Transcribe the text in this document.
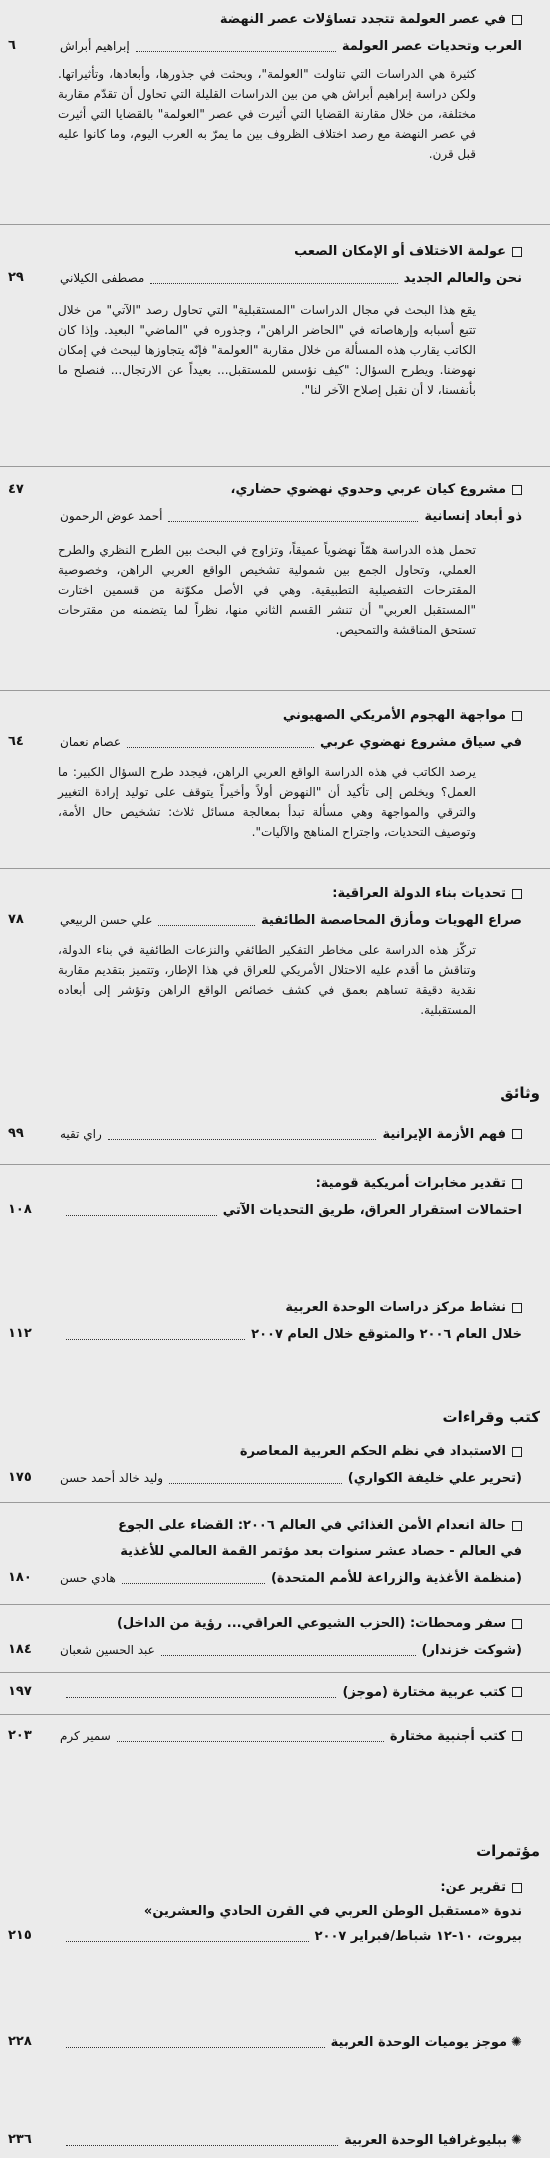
في عصر العولمة تتجدد تساؤلات عصر النهضة
العرب وتحديات عصر العولمة
إبراهيم أبراش
٦
كثيرة هي الدراسات التي تناولت "العولمة"، وبحثت في جذورها، وأبعادها، وتأثيراتها. ولكن دراسة إبراهيم أبراش هي من بين الدراسات القليلة التي تحاول أن تقدّم مقاربة مختلفة، من خلال مقارنة القضايا التي أثيرت في عصر "العولمة" بالقضايا التي أثيرت في عصر النهضة مع رصد اختلاف الظروف بين ما يمرّ به العرب اليوم، وما كانوا عليه قبل قرن.
عولمة الاختلاف أو الإمكان الصعب
نحن والعالم الجديد
مصطفى الكيلاني
٢٩
يقع هذا البحث في مجال الدراسات "المستقبلية" التي تحاول رصد "الآتي" من خلال تتبع أسبابه وإرهاصاته في "الحاضر الراهن"، وجذوره في "الماضي" البعيد. وإذا كان الكاتب يقارب هذه المسألة من خلال مقاربة "العولمة" فإنّه يتجاوزها ليبحث في إمكان نهوضنا. ويطرح السؤال: "كيف نؤسس للمستقبل... بعيداً عن الارتجال... فنصلح ما بأنفسنا، لا أن نقبل إصلاح الآخر لنا".
مشروع كيان عربي وحدوي نهضوي حضاري،
ذو أبعاد إنسانية
أحمد عوض الرحمون
٤٧
تحمل هذه الدراسة همّاً نهضوياً عميقاً، وتزاوج في البحث بين الطرح النظري والطرح العملي، وتحاول الجمع بين شمولية تشخيص الواقع العربي الراهن، وخصوصية المقترحات التفصيلية التطبيقية. وهي في الأصل مكوّنة من قسمين اختارت "المستقبل العربي" أن تنشر القسم الثاني منها، نظراً لما يتضمنه من مقترحات تستحق المناقشة والتمحيص.
مواجهة الهجوم الأمريكي الصهيوني
في سياق مشروع نهضوي عربي
عصام نعمان
٦٤
يرصد الكاتب في هذه الدراسة الواقع العربي الراهن، فيجدد طرح السؤال الكبير: ما العمل؟ ويخلص إلى تأكيد أن "النهوض أولاً وأخيراً يتوقف على توليد إرادة التغيير والترقي والمواجهة وهي مسألة تبدأ بمعالجة مسائل ثلاث: تشخيص حال الأمة، وتوصيف التحديات، واجتراح المناهج والآليات".
تحديات بناء الدولة العراقية:
صراع الهويات ومأزق المحاصصة الطائفية
علي حسن الربيعي
٧٨
تركّز هذه الدراسة على مخاطر التفكير الطائفي والنزعات الطائفية في بناء الدولة، وتناقش ما أقدم عليه الاحتلال الأمريكي للعراق في هذا الإطار، وتتميز بتقديم مقاربة نقدية دقيقة تساهم بعمق في كشف خصائص الواقع الراهن وتؤشر إلى أبعاده المستقبلية.
وثائق
فهم الأزمة الإيرانية
راي تقيه
٩٩
تقدير مخابرات أمريكية قومية:
احتمالات استقرار العراق، طريق التحديات الآتي
١٠٨
نشاط مركز دراسات الوحدة العربية
خلال العام ٢٠٠٦ والمتوقع خلال العام ٢٠٠٧
١١٢
كتب وقراءات
الاستبداد في نظم الحكم العربية المعاصرة
(تحرير علي خليفة الكواري)
وليد خالد أحمد حسن
١٧٥
حالة انعدام الأمن الغذائي في العالم ٢٠٠٦: القضاء على الجوع
في العالم - حصاد عشر سنوات بعد مؤتمر القمة العالمي للأغذية
(منظمة الأغذية والزراعة للأمم المتحدة)
هادي حسن
١٨٠
سفر ومحطات: (الحزب الشيوعي العراقي... رؤية من الداخل)
(شوكت خزندار)
عبد الحسين شعبان
١٨٤
كتب عربية مختارة (موجز)
١٩٧
كتب أجنبية مختارة
سمير كرم
٢٠٣
مؤتمرات
تقرير عن:
ندوة «مستقبل الوطن العربي في القرن الحادي والعشرين»
بيروت، ١٠-١٢ شباط/فبراير ٢٠٠٧
٢١٥
✺موجز يوميات الوحدة العربية
٢٢٨
✺ببليوغرافيا الوحدة العربية
٢٣٦
